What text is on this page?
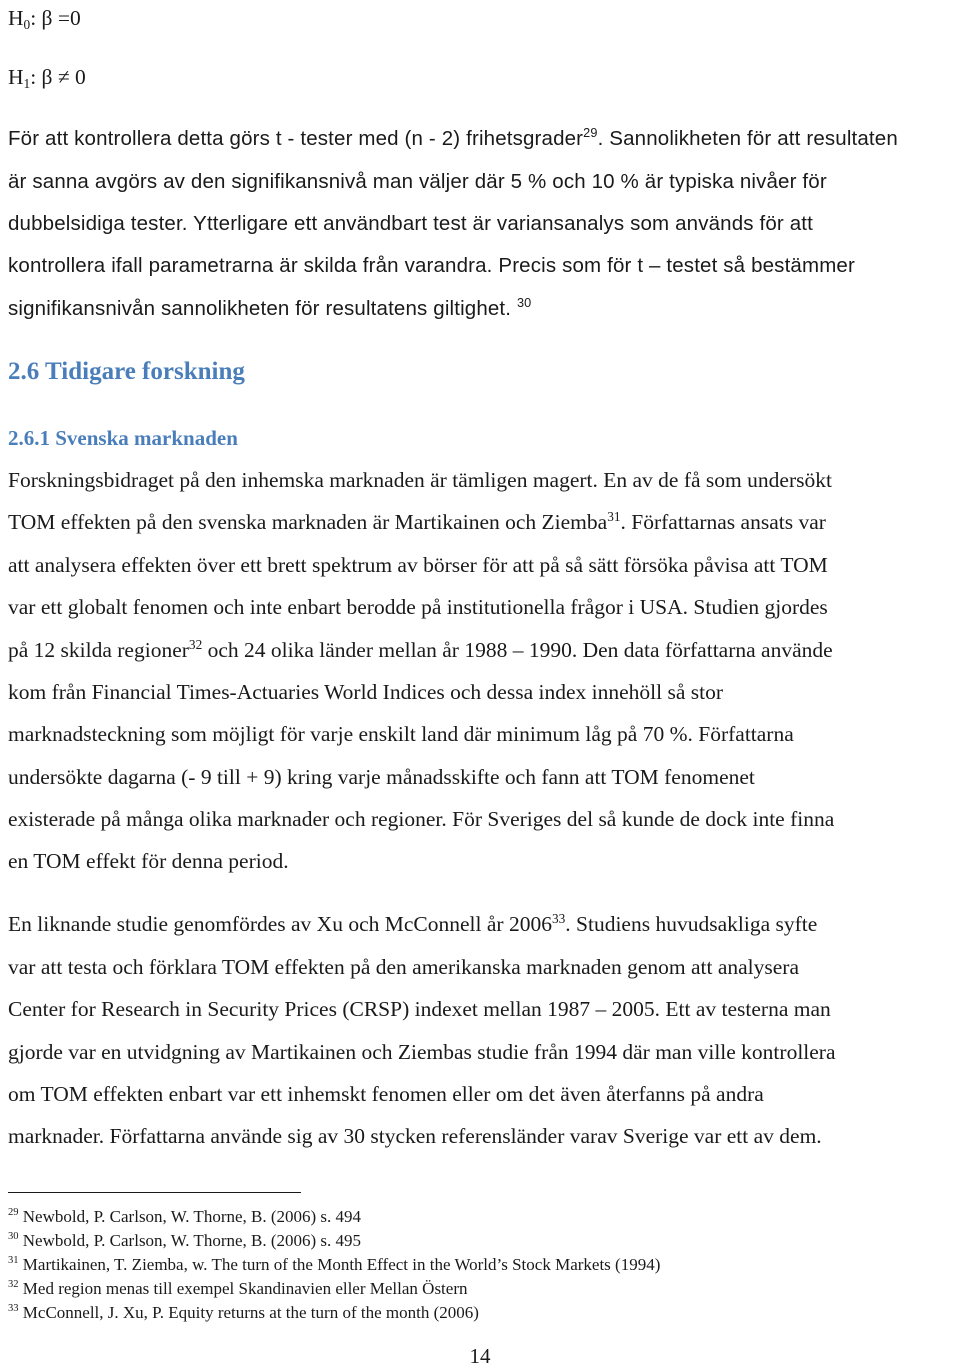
$H_0$: β =0
$H_1$: β ≠ 0
För att kontrollera detta görs t - tester med (n - 2) frihetsgrader$^{29}$. Sannolikheten för att resultaten
är sanna avgörs av den signifikansnivå man väljer där 5 % och 10 % är typiska nivåer för
dubbelsidiga tester. Ytterligare ett användbart test är variansanalys som används för att
kontrollera ifall parametrarna är skilda från varandra. Precis som för t – testet så bestämmer
signifikansnivån sannolikheten för resultatens giltighet. $^{30}$
2.6 Tidigare forskning
2.6.1 Svenska marknaden
Forskningsbidraget på den inhemska marknaden är tämligen magert. En av de få som undersökt
TOM effekten på den svenska marknaden är Martikainen och Ziemba$^{31}$. Författarnas ansats var
att analysera effekten över ett brett spektrum av börser för att på så sätt försöka påvisa att TOM
var ett globalt fenomen och inte enbart berodde på institutionella frågor i USA. Studien gjordes
på 12 skilda regioner$^{32}$ och 24 olika länder mellan år 1988 – 1990. Den data författarna använde
kom från Financial Times-Actuaries World Indices och dessa index innehöll så stor
marknadsteckning som möjligt för varje enskilt land där minimum låg på 70 %. Författarna
undersökte dagarna (- 9 till + 9) kring varje månadsskifte och fann att TOM fenomenet
existerade på många olika marknader och regioner. För Sveriges del så kunde de dock inte finna
en TOM effekt för denna period.
En liknande studie genomfördes av Xu och McConnell år 2006$^{33}$. Studiens huvudsakliga syfte
var att testa och förklara TOM effekten på den amerikanska marknaden genom att analysera
Center for Research in Security Prices (CRSP) indexet mellan 1987 – 2005. Ett av testerna man
gjorde var en utvidgning av Martikainen och Ziembas studie från 1994 där man ville kontrollera
om TOM effekten enbart var ett inhemskt fenomen eller om det även återfanns på andra
marknader. Författarna använde sig av 30 stycken referensländer varav Sverige var ett av dem.
$^{29}$ Newbold, P. Carlson, W. Thorne, B. (2006) s. 494
$^{30}$ Newbold, P. Carlson, W. Thorne, B. (2006) s. 495
$^{31}$ Martikainen, T. Ziemba, w. The turn of the Month Effect in the World’s Stock Markets (1994)
$^{32}$ Med region menas till exempel Skandinavien eller Mellan Östern
$^{33}$ McConnell, J. Xu, P. Equity returns at the turn of the month (2006)
14
